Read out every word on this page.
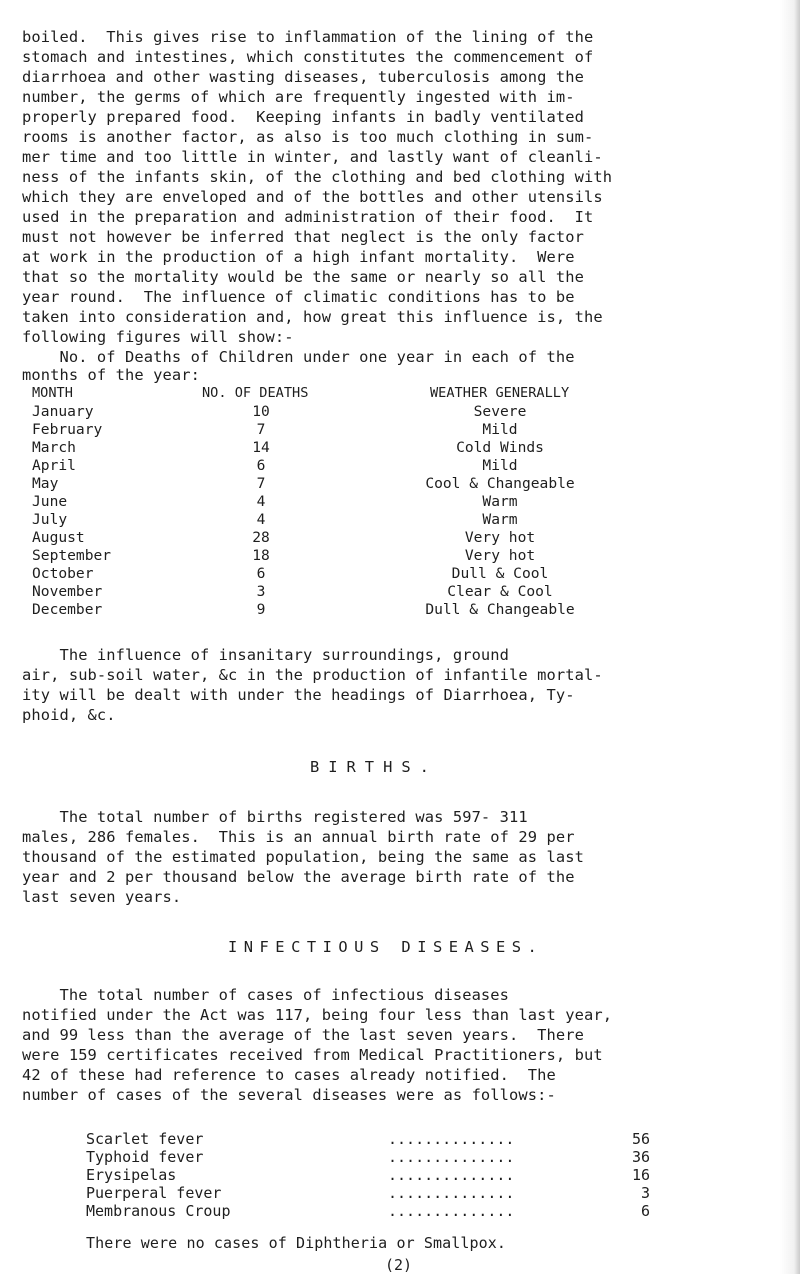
boiled.  This gives rise to inflammation of the lining of the
stomach and intestines, which constitutes the commencement of
diarrhoea and other wasting diseases, tuberculosis among the
number, the germs of which are frequently ingested with im-
properly prepared food.  Keeping infants in badly ventilated
rooms is another factor, as also is too much clothing in sum-
mer time and too little in winter, and lastly want of cleanli-
ness of the infants skin, of the clothing and bed clothing with
which they are enveloped and of the bottles and other utensils
used in the preparation and administration of their food.  It
must not however be inferred that neglect is the only factor
at work in the production of a high infant mortality.  Were
that so the mortality would be the same or nearly so all the
year round.  The influence of climatic conditions has to be
taken into consideration and, how great this influence is, the
following figures will show:-
No. of Deaths of Children under one year in each of the
months of the year:
MONTH	NO. OF DEATHS	WEATHER GENERALLY
January	10	Severe
February	7	Mild
March	14	Cold Winds
April	6	Mild
May	7	Cool & Changeable
June	4	Warm
July	4	Warm
August	28	Very hot
September	18	Very hot
October	6	Dull & Cool
November	3	Clear & Cool
December	9	Dull & Changeable
The influence of insanitary surroundings, ground
air, sub-soil water, &c in the production of infantile mortal-
ity will be dealt with under the headings of Diarrhoea, Ty-
phoid, &c.
BIRTHS.
The total number of births registered was 597- 311
males, 286 females.  This is an annual birth rate of 29 per
thousand of the estimated population, being the same as last
year and 2 per thousand below the average birth rate of the
last seven years.
INFECTIOUS DISEASES.
The total number of cases of infectious diseases
notified under the Act was 117, being four less than last year,
and 99 less than the average of the last seven years.  There
were 159 certificates received from Medical Practitioners, but
42 of these had reference to cases already notified.  The
number of cases of the several diseases were as follows:-
Scarlet fever	..............	56
Typhoid fever	..............	36
Erysipelas	..............	16
Puerperal fever	..............	3
Membranous Croup	..............	6
There were no cases of Diphtheria or Smallpox.
(2)
